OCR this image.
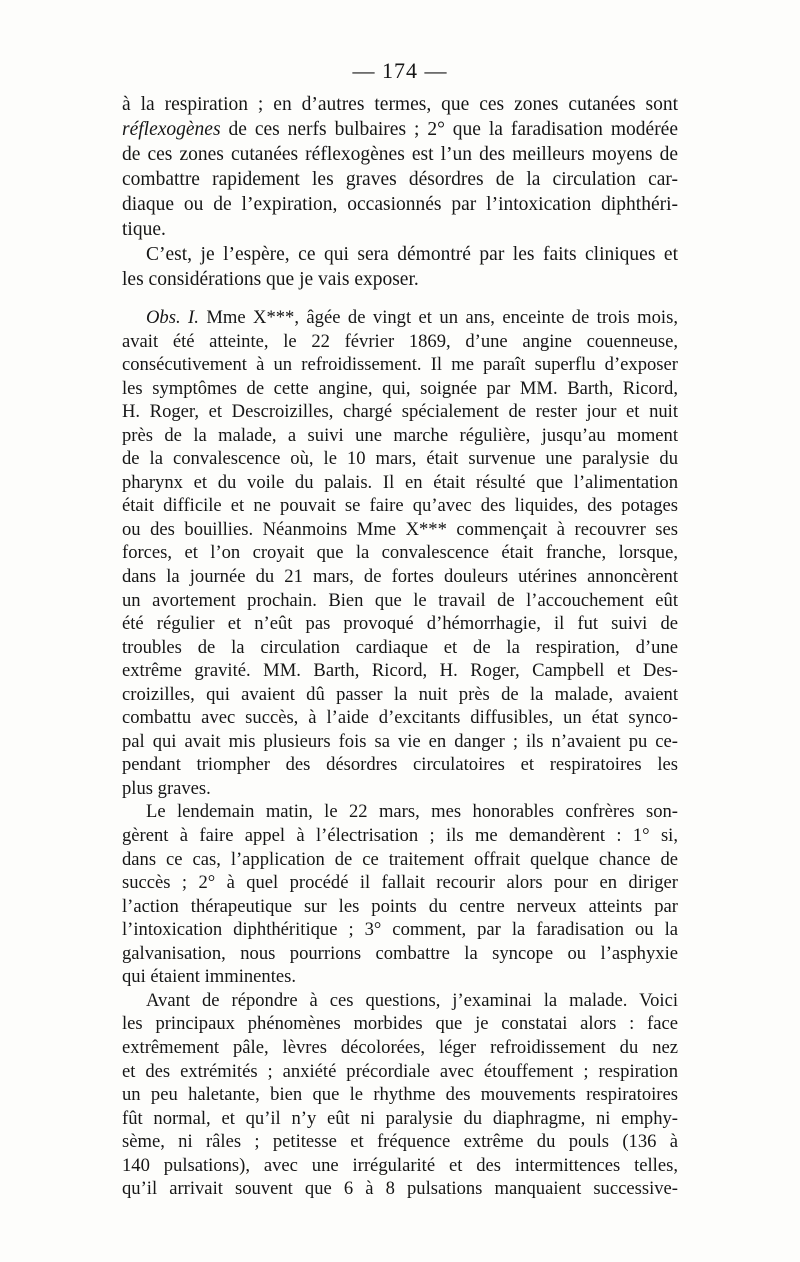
— 174 —
à la respiration ; en d’autres termes, que ces zones cutanées sont
réflexogènes de ces nerfs bulbaires ; 2° que la faradisation modérée
de ces zones cutanées réflexogènes est l’un des meilleurs moyens de
combattre rapidement les graves désordres de la circulation car-
diaque ou de l’expiration, occasionnés par l’intoxication diphthéri-
tique.
C’est, je l’espère, ce qui sera démontré par les faits cliniques et
les considérations que je vais exposer.
Obs. I. Mme X***, âgée de vingt et un ans, enceinte de trois mois,
avait été atteinte, le 22 février 1869, d’une angine couenneuse,
consécutivement à un refroidissement. Il me paraît superflu d’exposer
les symptômes de cette angine, qui, soignée par MM. Barth, Ricord,
H. Roger, et Descroizilles, chargé spécialement de rester jour et nuit
près de la malade, a suivi une marche régulière, jusqu’au moment
de la convalescence où, le 10 mars, était survenue une paralysie du
pharynx et du voile du palais. Il en était résulté que l’alimentation
était difficile et ne pouvait se faire qu’avec des liquides, des potages
ou des bouillies. Néanmoins Mme X*** commençait à recouvrer ses
forces, et l’on croyait que la convalescence était franche, lorsque,
dans la journée du 21 mars, de fortes douleurs utérines annoncèrent
un avortement prochain. Bien que le travail de l’accouchement eût
été régulier et n’eût pas provoqué d’hémorrhagie, il fut suivi de
troubles de la circulation cardiaque et de la respiration, d’une
extrême gravité. MM. Barth, Ricord, H. Roger, Campbell et Des-
croizilles, qui avaient dû passer la nuit près de la malade, avaient
combattu avec succès, à l’aide d’excitants diffusibles, un état synco-
pal qui avait mis plusieurs fois sa vie en danger ; ils n’avaient pu ce-
pendant triompher des désordres circulatoires et respiratoires les
plus graves.
Le lendemain matin, le 22 mars, mes honorables confrères son-
gèrent à faire appel à l’électrisation ; ils me demandèrent : 1° si,
dans ce cas, l’application de ce traitement offrait quelque chance de
succès ; 2° à quel procédé il fallait recourir alors pour en diriger
l’action thérapeutique sur les points du centre nerveux atteints par
l’intoxication diphthéritique ; 3° comment, par la faradisation ou la
galvanisation, nous pourrions combattre la syncope ou l’asphyxie
qui étaient imminentes.
Avant de répondre à ces questions, j’examinai la malade. Voici
les principaux phénomènes morbides que je constatai alors : face
extrêmement pâle, lèvres décolorées, léger refroidissement du nez
et des extrémités ; anxiété précordiale avec étouffement ; respiration
un peu haletante, bien que le rhythme des mouvements respiratoires
fût normal, et qu’il n’y eût ni paralysie du diaphragme, ni emphy-
sème, ni râles ; petitesse et fréquence extrême du pouls (136 à
140 pulsations), avec une irrégularité et des intermittences telles,
qu’il arrivait souvent que 6 à 8 pulsations manquaient successive-
